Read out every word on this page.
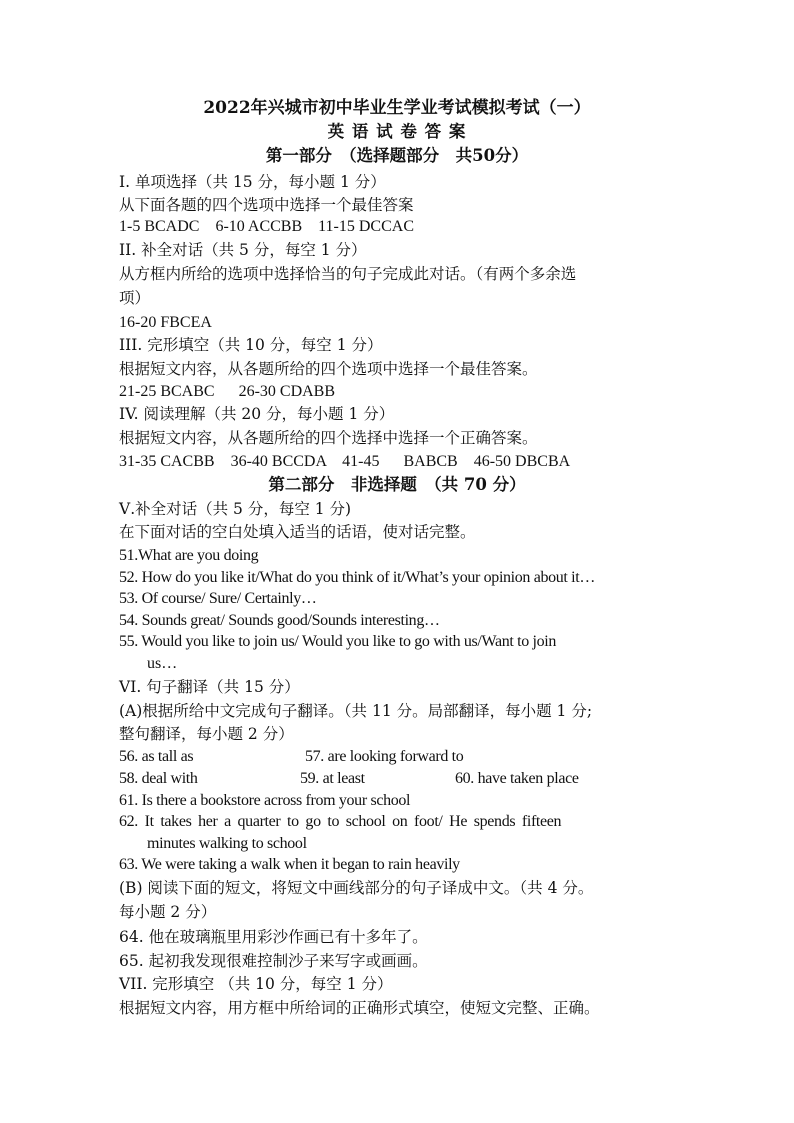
2022年兴城市初中毕业生学业考试模拟考试（一）
英 语 试 卷 答 案
第一部分　（选择题部分　共50分）
I. 单项选择（共 15 分，每小题 1 分）
从下面各题的四个选项中选择一个最佳答案
1-5 BCADC    6-10 ACCBB    11-15 DCCAC
II. 补全对话（共 5 分，每空 1 分）
从方框内所给的选项中选择恰当的句子完成此对话。（有两个多余选
项）
16-20 FBCEA
III. 完形填空（共 10 分，每空 1 分）
根据短文内容，从各题所给的四个选项中选择一个最佳答案。
21-25 BCABC      26-30 CDABB
IV. 阅读理解（共 20 分，每小题 1 分）
根据短文内容，从各题所给的四个选择中选择一个正确答案。
31-35 CACBB    36-40 BCCDA    41-45      BABCB    46-50 DBCBA
第二部分　非选择题　（共 70 分）
Ⅴ.补全对话（共 5 分，每空 1 分)
在下面对话的空白处填入适当的话语，使对话完整。
51.What are you doing
52. How do you like it/What do you think of it/What’s your opinion about it…
53. Of course/ Sure/ Certainly…
54. Sounds great/ Sounds good/Sounds interesting…
55. Would you like to join us/ Would you like to go with us/Want to join
us…
VI. 句子翻译（共 15 分）
(A)根据所给中文完成句子翻译。（共 11 分。局部翻译，每小题 1 分;
整句翻译，每小题 2 分）
56. as tall as	57. are looking forward to
58. deal with	59. at least	60. have taken place
61. Is there a bookstore across from your school
62. It takes her a quarter to go to school on foot/ He spends fifteen
minutes walking to school
63. We were taking a walk when it began to rain heavily
(B) 阅读下面的短文，将短文中画线部分的句子译成中文。（共 4 分。
每小题 2 分）
64. 他在玻璃瓶里用彩沙作画已有十多年了。
65. 起初我发现很难控制沙子来写字或画画。
VII. 完形填空 （共 10 分，每空 1 分）
根据短文内容，用方框中所给词的正确形式填空，使短文完整、正确。
